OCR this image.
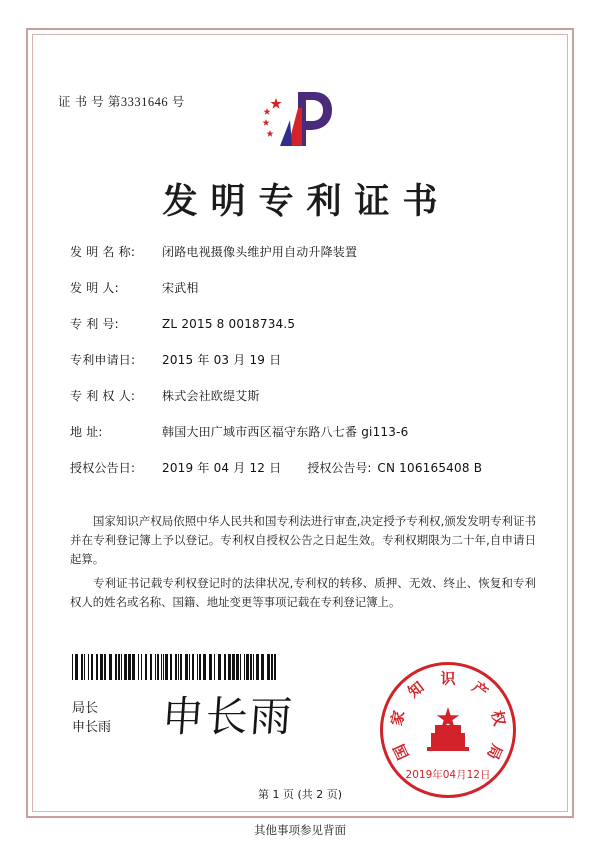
证 书 号 第3331646 号
发明专利证书
发 明 名 称:	闭路电视摄像头维护用自动升降装置
发 明 人:	宋武相
专 利 号:	ZL 2015 8 0018734.5
专利申请日:	2015 年 03 月 19 日
专 利 权 人:	株式会社欧缇艾斯
地 址:	韩国大田广域市西区福守东路八七番 gi113-6
授权公告日:	2019 年 04 月 12 日 授权公告号: CN 106165408 B

国家知识产权局依照中华人民共和国专利法进行审查,决定授予专利权,颁发发明专利证书并在专利登记簿上予以登记。专利权自授权公告之日起生效。专利权期限为二十年,自申请日起算。

专利证书记载专利权登记时的法律状况,专利权的转移、质押、无效、终止、恢复和专利权人的姓名或名称、国籍、地址变更等事项记载在专利登记簿上。

局长
申长雨 申长雨
国
家
知 识 产
权
局
2019年04月12日
第 1 页 (共 2 页)
其他事项参见背面
